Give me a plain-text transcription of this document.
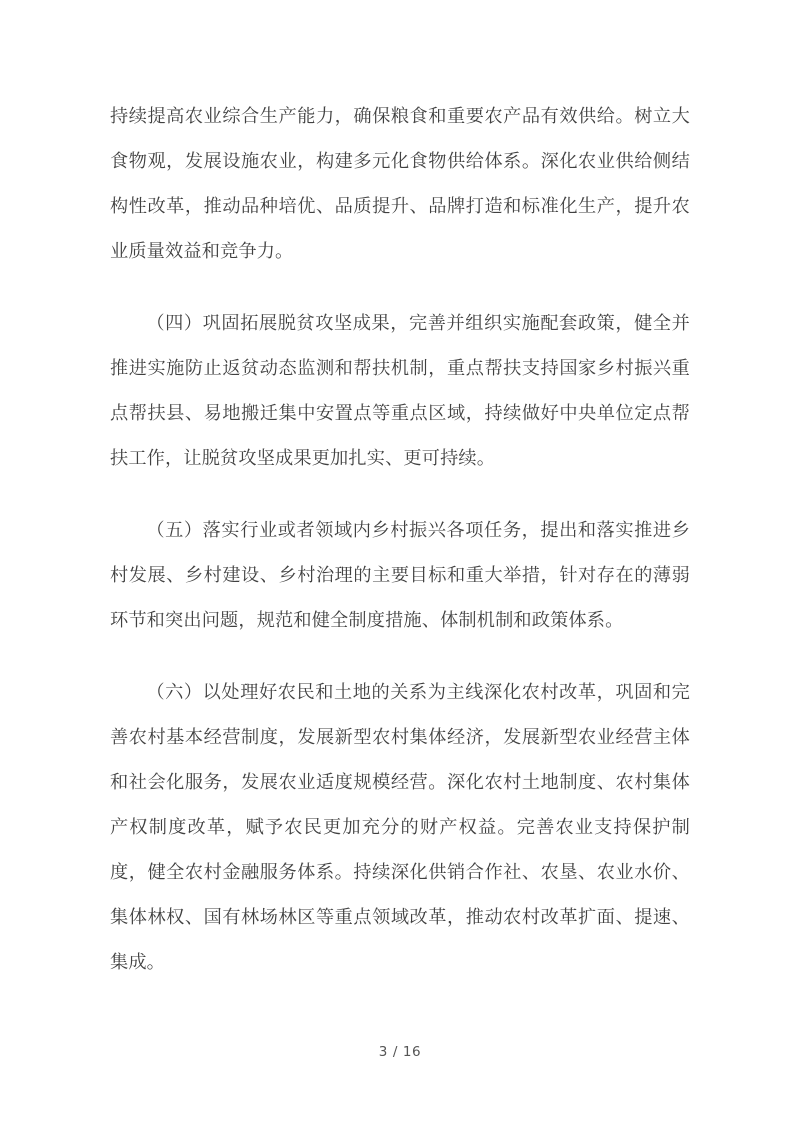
持续提高农业综合生产能力，确保粮食和重要农产品有效供给。树立大食物观，发展设施农业，构建多元化食物供给体系。深化农业供给侧结构性改革，推动品种培优、品质提升、品牌打造和标准化生产，提升农业质量效益和竞争力。

（四）巩固拓展脱贫攻坚成果，完善并组织实施配套政策，健全并推进实施防止返贫动态监测和帮扶机制，重点帮扶支持国家乡村振兴重点帮扶县、易地搬迁集中安置点等重点区域，持续做好中央单位定点帮扶工作，让脱贫攻坚成果更加扎实、更可持续。

（五）落实行业或者领域内乡村振兴各项任务，提出和落实推进乡村发展、乡村建设、乡村治理的主要目标和重大举措，针对存在的薄弱环节和突出问题，规范和健全制度措施、体制机制和政策体系。

（六）以处理好农民和土地的关系为主线深化农村改革，巩固和完善农村基本经营制度，发展新型农村集体经济，发展新型农业经营主体和社会化服务，发展农业适度规模经营。深化农村土地制度、农村集体产权制度改革，赋予农民更加充分的财产权益。完善农业支持保护制度，健全农村金融服务体系。持续深化供销合作社、农垦、农业水价、集体林权、国有林场林区等重点领域改革，推动农村改革扩面、提速、集成。

3 / 16
